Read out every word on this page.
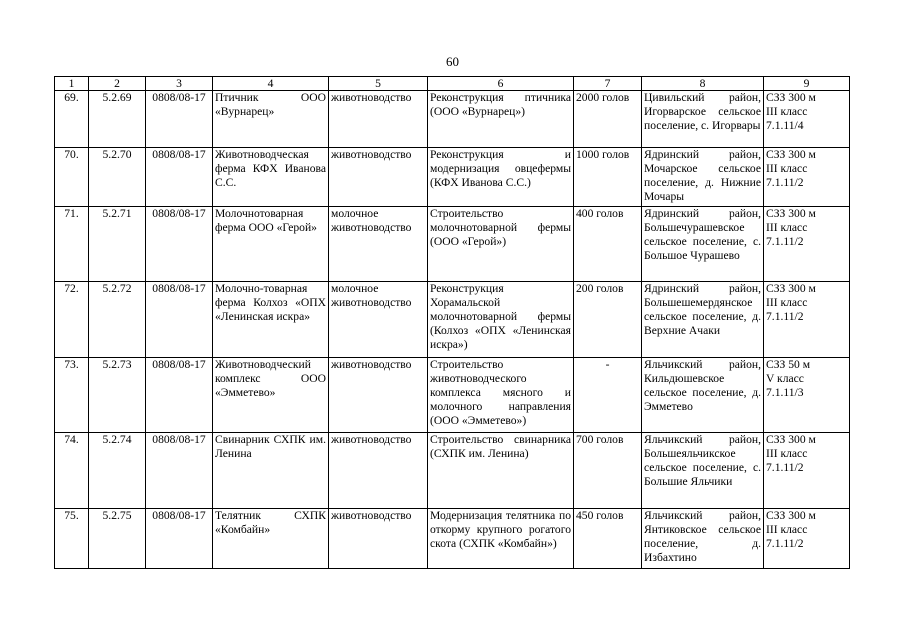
60
1	2	3	4	5	6	7	8	9
69.	5.2.69	0808/08-17	Птичник ООО «Вурнарец»	животноводство	Реконструкция птичника (ООО «Вурнарец»)	2000 голов	Цивильский район, Игорварское сельское поселение, с. Игорвары	СЗЗ 300 м
III класс
7.1.11/4

70.	5.2.70	0808/08-17	Животноводческая ферма КФХ Иванова С.С.	животноводство	Реконструкция и модернизация овцефермы (КФХ Иванова С.С.)	1000 голов	Ядринский район, Мочарское сельское поселение, д. Нижние Мочары	СЗЗ 300 м
III класс
7.1.11/2

71.	5.2.71	0808/08-17	Молочнотоварная ферма ООО «Герой»	молочное животноводство	Строительство молочнотоварной фермы (ООО «Герой»)	400 голов	Ядринский район, Большечурашевское сельское поселение, с. Большое Чурашево	СЗЗ 300 м
III класс
7.1.11/2

72.	5.2.72	0808/08-17	Молочно-товарная ферма Колхоз «ОПХ «Ленинская искра»	молочное животноводство	Реконструкция Хорамальской молочнотоварной фермы (Колхоз «ОПХ «Ленинская искра»)	200 голов	Ядринский район, Большешемердянское сельское поселение, д. Верхние Ачаки	СЗЗ 300 м
III класс
7.1.11/2

73.	5.2.73	0808/08-17	Животноводческий комплекс ООО «Эмметево»	животноводство	Строительство животноводческого комплекса мясного и молочного направления (ООО «Эмметево»)	-	Яльчикский район, Кильдюшевское сельское поселение, д. Эмметево	СЗЗ 50 м
V класс
7.1.11/3

74.	5.2.74	0808/08-17	Свинарник СХПК им. Ленина	животноводство	Строительство свинарника (СХПК им. Ленина)	700 голов	Яльчикский район, Большеяльчикское сельское поселение, с. Большие Яльчики	СЗЗ 300 м
III класс
7.1.11/2

75.	5.2.75	0808/08-17	Телятник СХПК «Комбайн»	животноводство	Модернизация телятника по откорму крупного рогатого скота (СХПК «Комбайн»)	450 голов	Яльчикский район, Янтиковское сельское поселение, д. Избахтино	СЗЗ 300 м
III класс
7.1.11/2
